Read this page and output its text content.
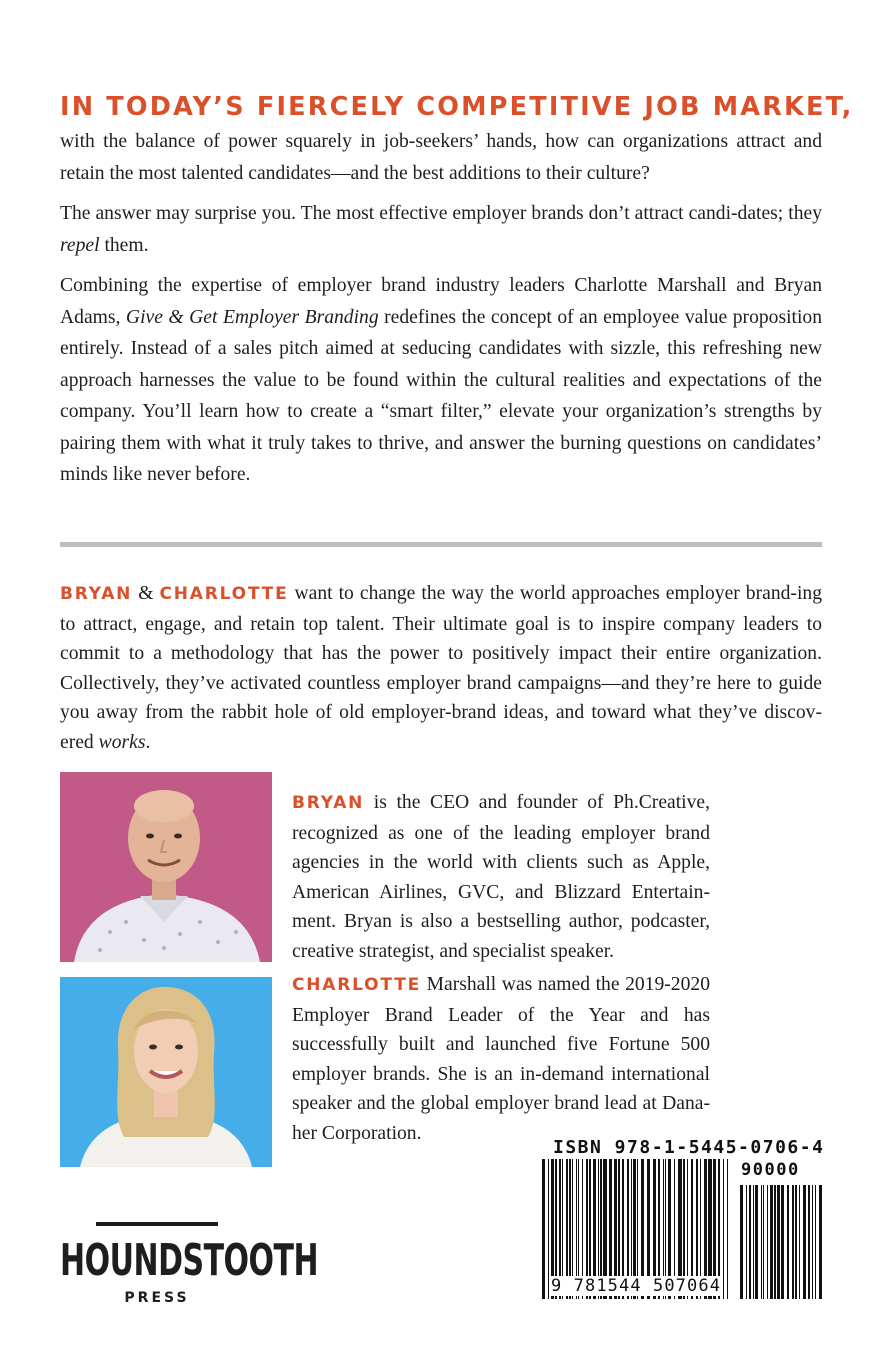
IN TODAY’S FIERCELY COMPETITIVE JOB MARKET,

with the balance of power squarely in job-seekers’ hands, how can organizations attract and retain the most talented candidates—and the best additions to their culture?

The answer may surprise you. The most effective employer brands don’t attract candi-dates; they repel them.

Combining the expertise of employer brand industry leaders Charlotte Marshall and Bryan Adams, Give & Get Employer Branding redefines the concept of an employee value proposition entirely. Instead of a sales pitch aimed at seducing candidates with sizzle, this refreshing new approach harnesses the value to be found within the cultural realities and expectations of the company. You’ll learn how to create a “smart filter,” elevate your organization’s strengths by pairing them with what it truly takes to thrive, and answer the burning questions on candidates’ minds like never before.

BRYAN & CHARLOTTE want to change the way the world approaches employer brand-ing to attract, engage, and retain top talent. Their ultimate goal is to inspire company leaders to commit to a methodology that has the power to positively impact their entire organization. Collectively, they’ve activated countless employer brand campaigns—and they’re here to guide you away from the rabbit hole of old employer-brand ideas, and toward what they’ve discov-ered works.

BRYAN is the CEO and founder of Ph.Creative, recognized as one of the leading employer brand agencies in the world with clients such as Apple, American Airlines, GVC, and Blizzard Entertain-ment. Bryan is also a bestselling author, podcaster, creative strategist, and specialist speaker.

CHARLOTTE Marshall was named the 2019-2020 Employer Brand Leader of the Year and has successfully built and launched five Fortune 500 employer brands. She is an in-demand international speaker and the global employer brand lead at Dana-her Corporation.

ISBN 978-1-5445-0706-4
90000
9 781544 507064
HOUNDSTOOTH
PRESS
